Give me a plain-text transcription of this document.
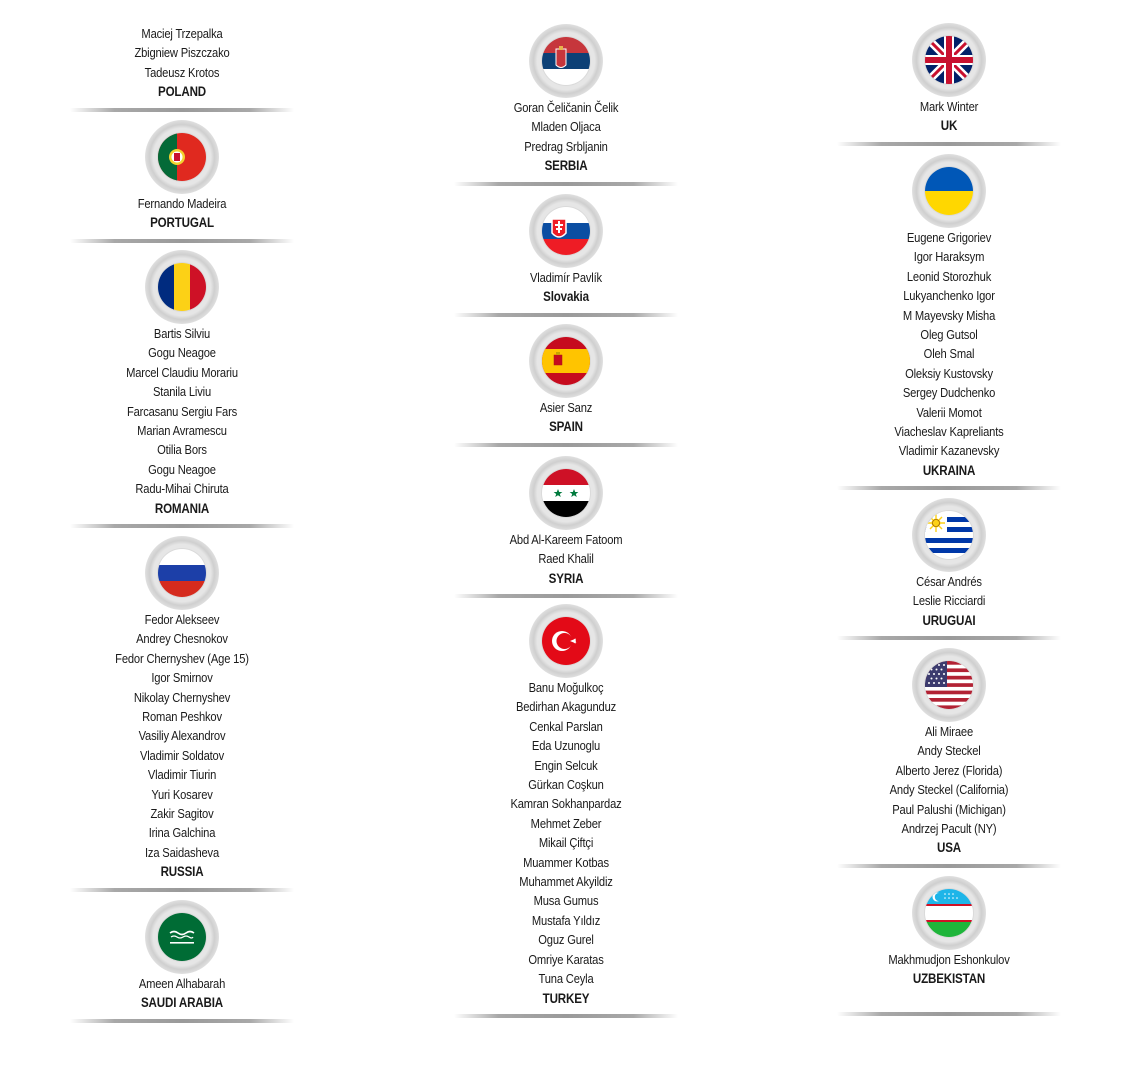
Maciej Trzepalka
Zbigniew Piszczako
Tadeusz Krotos
POLAND
Fernando Madeira
PORTUGAL
Bartis Silviu
Gogu Neagoe
Marcel Claudiu Morariu
Stanila Liviu
Farcasanu Sergiu Fars
Marian Avramescu
Otilia Bors
Gogu Neagoe
Radu-Mihai Chiruta
ROMANIA
Fedor Alekseev
Andrey Chesnokov
Fedor Chernyshev (Age 15)
Igor Smirnov
Nikolay Chernyshev
Roman Peshkov
Vasiliy Alexandrov
Vladimir Soldatov
Vladimir Tiurin
Yuri Kosarev
Zakir Sagitov
Irina Galchina
Iza Saidasheva
RUSSIA
Ameen Alhabarah
SAUDI ARABIA
Goran Čeličanin Čelik
Mladen Oljaca
Predrag Srbljanin
SERBIA
Vladimír Pavlík
Slovakia
Asier Sanz
SPAIN
Abd Al-Kareem Fatoom
Raed Khalil
SYRIA
Banu Moğulkoç
Bedirhan Akagunduz
Cenkal Parslan
Eda Uzunoglu
Engin Selcuk
Gürkan Coşkun
Kamran Sokhanpardaz
Mehmet Zeber
Mikail Çiftçi
Muammer Kotbas
Muhammet Akyildiz
Musa Gumus
Mustafa Yıldız
Oguz Gurel
Omriye Karatas
Tuna Ceyla
TURKEY
Mark Winter
UK
Eugene Grigoriev
Igor Haraksym
Leonid Storozhuk
Lukyanchenko Igor
M Mayevsky Misha
Oleg Gutsol
Oleh Smal
Oleksiy Kustovsky
Sergey Dudchenko
Valerii Momot
Viacheslav Kaprelіants
Vladimir Kazanevsky
UKRAINA
César Andrés
Leslie Ricciardi
URUGUAI
Ali Miraee
Andy Steckel
Alberto Jerez (Florida)
Andy Steckel (California)
Paul Palushi (Michigan)
Andrzej Pacult (NY)
USA
Makhmudjon Eshonkulov
UZBEKISTAN
